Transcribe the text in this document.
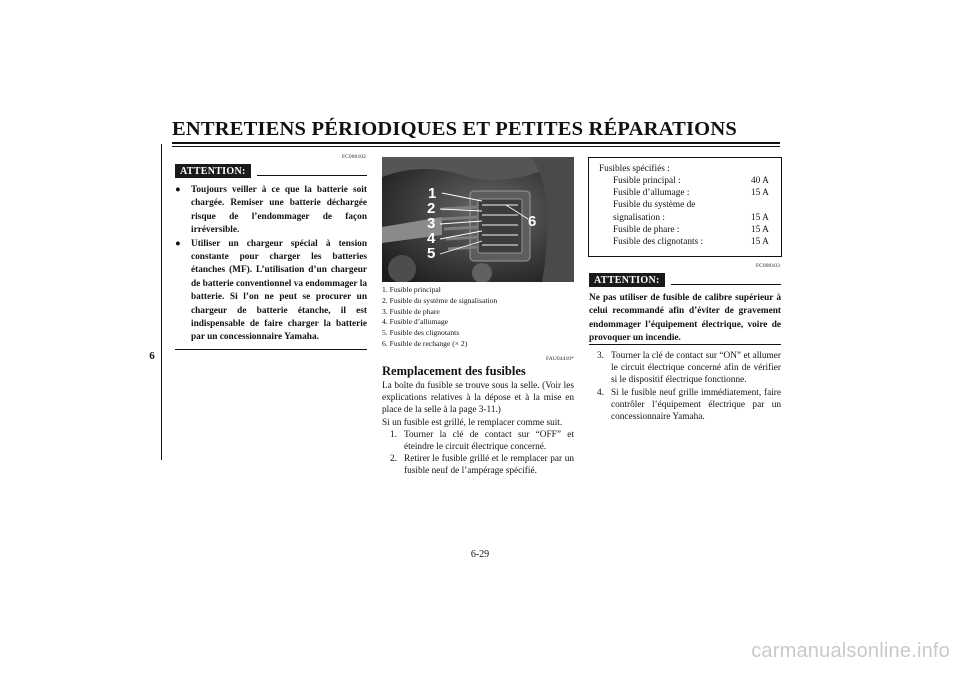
ENTRETIENS PÉRIODIQUES ET PETITES RÉPARATIONS
6
FC000102
ATTENTION:
● Toujours veiller à ce que la batterie soit chargée. Remiser une batterie déchargée risque de l’endommager de façon irréversible.
● Utiliser un chargeur spécial à tension constante pour charger les batteries étanches (MF). L’utilisation d’un chargeur de batterie conventionnel va endommager la batterie. Si l’on ne peut se procurer un chargeur de batterie étanche, il est indispensable de faire charger la batterie par un concessionnaire Yamaha.
1
2
3
4
5
6
1. Fusible principal
2. Fusible du système de signalisation
3. Fusible de phare
4. Fusible d’allumage
5. Fusible des clignotants
6. Fusible de rechange (× 2)
FAU04410*
Remplacement des fusibles
La boîte du fusible se trouve sous la selle. (Voir les explications relatives à la dépose et à la mise en place de la selle à la page 3-11.)
Si un fusible est grillé, le remplacer comme suit.
1. Tourner la clé de contact sur “OFF” et éteindre le circuit électrique concerné.
2. Retirer le fusible grillé et le remplacer par un fusible neuf de l’ampérage spécifié.
Fusibles spécifiés :
Fusible principal :	40 A
Fusible d’allumage :	15 A
Fusible du système de
signalisation :	15 A
Fusible de phare :	15 A
Fusible des clignotants :	15 A
FC000103
ATTENTION:
Ne pas utiliser de fusible de calibre supérieur à celui recommandé afin d’éviter de gravement endommager l’équipement électrique, voire de provoquer un incendie.
3. Tourner la clé de contact sur “ON” et allumer le circuit électrique concerné afin de vérifier si le dispositif électrique fonctionne.
4. Si le fusible neuf grille immédiatement, faire contrôler l’équipement électrique par un concessionnaire Yamaha.
6-29
carmanualsonline.info
